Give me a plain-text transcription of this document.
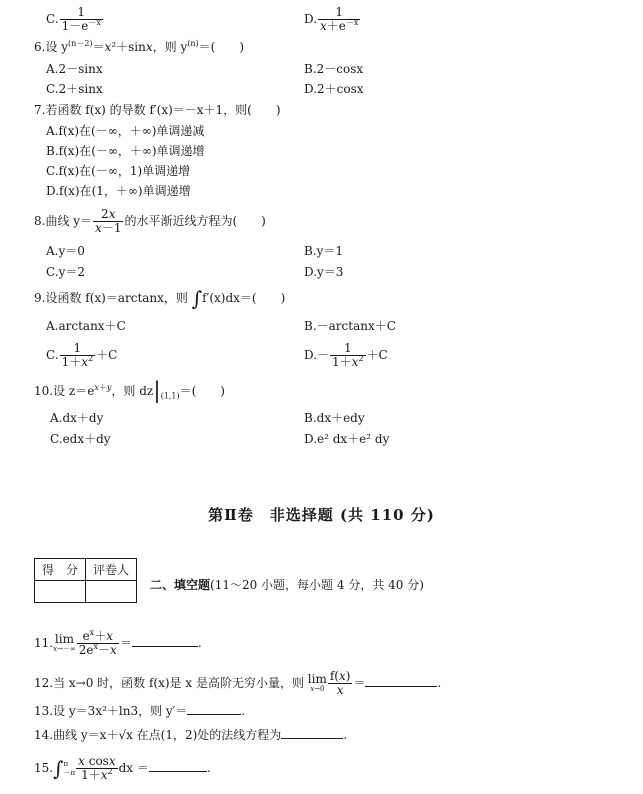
C. $\frac{1}{1-e^{-x}}$	D. $\frac{1}{x+e^{-x}}$
6.设 $y^{(n-2)}=x^2+\sin x$，则 $y^{(n)}=$(　　)
A.2－sinx	B.2－cosx
C.2＋sinx	D.2＋cosx
7.若函数 f(x) 的导数 f′(x)＝－x＋1，则(　　)
A.f(x)在(－∞，＋∞)单调递减
B.f(x)在(－∞，＋∞)单调递增
C.f(x)在(－∞，1)单调递增
D.f(x)在(1，＋∞)单调递增
8.曲线 $y= \frac{2x}{x-1}$ 的水平渐近线方程为(　　)
A.y＝0	B.y＝1
C.y＝2	D.y＝3
9.设函数 f(x)＝arctanx，则 ∫f′(x)dx＝(　　)
A.arctanx＋C	B.－arctanx＋C
C. $\frac{1}{1+x^2} +C$	$D.- \frac{1}{1+x^2} +C$
10.设 $z=e^{x+y}$，则 $dz|_{(1,1)}=$(　　)
A.dx＋dy	B.dx＋edy
C.edx＋dy	D.e² dx＋e² dy
第Ⅱ卷　非选择题 (共 110 分)
得　分	评卷人

二、填空题(11～20 小题，每小题 4 分，共 40 分)
11. lim
$x\to-\infty \frac{e^x+x}{2e^x-x}$ ＝	.
12.当 x→0 时，函数 f(x)是 x 是高阶无穷小量，则 lim
$x\to 0 \frac{f(x)}{x}$ ＝	.
13.设 y＝3x²＋ln3，则 y′＝	.
14.曲线 y＝x＋√x 在点(1，2)处的法线方程为	.
15.∫ π
$-\pi \frac{\text{x cosx}}{1+x^2}$ dx ＝	.
